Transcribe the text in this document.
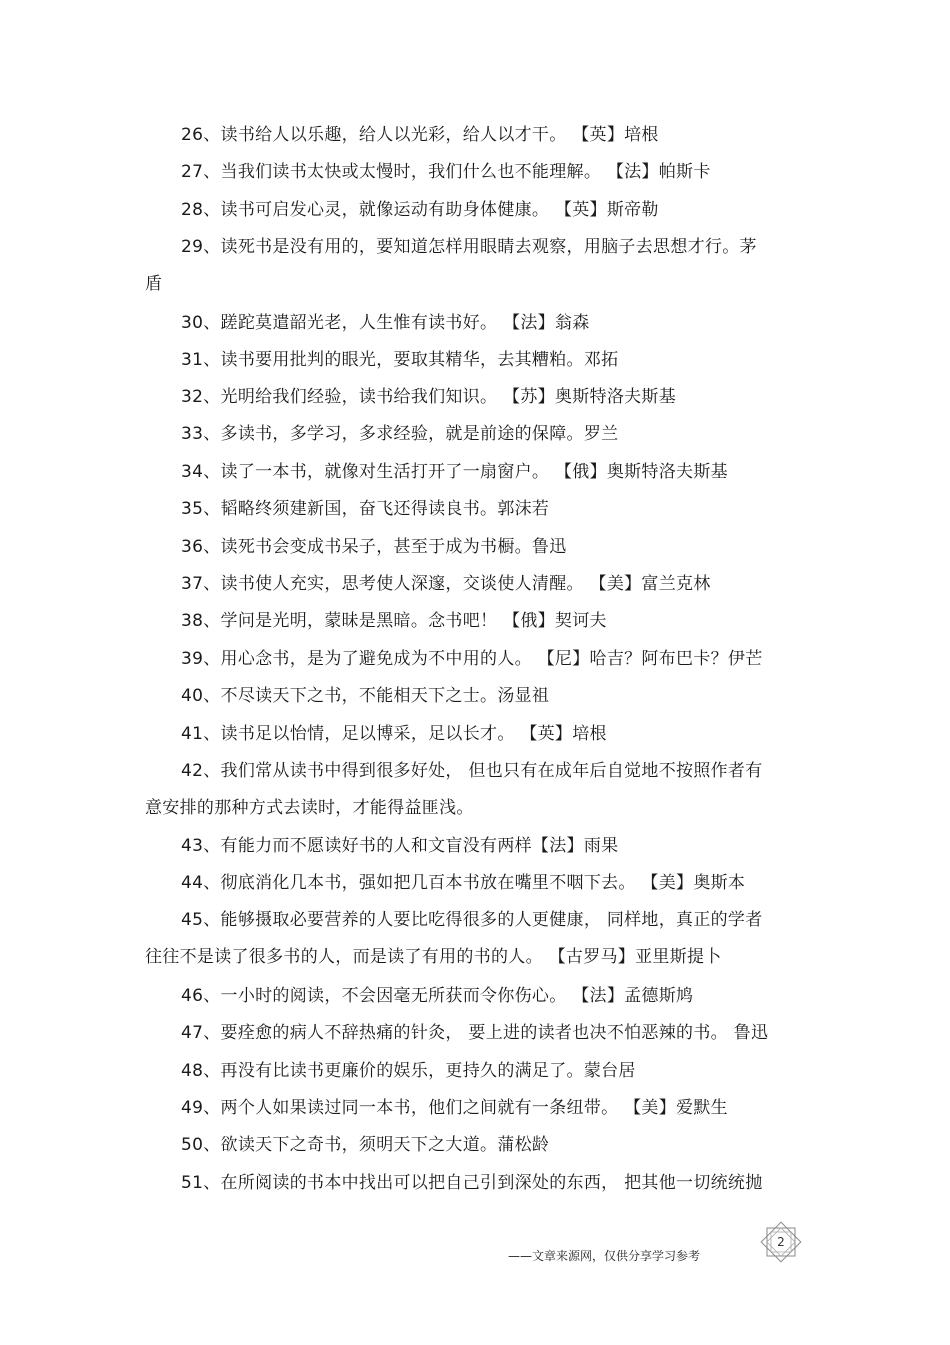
26、读书给人以乐趣，给人以光彩，给人以才干。 【英】培根
27、当我们读书太快或太慢时，我们什么也不能理解。 【法】帕斯卡
28、读书可启发心灵，就像运动有助身体健康。 【英】斯帝勒
29、读死书是没有用的，要知道怎样用眼睛去观察，用脑子去思想才行。茅
盾
30、蹉跎莫遣韶光老，人生惟有读书好。 【法】翁森
31、读书要用批判的眼光，要取其精华，去其糟粕。邓拓
32、光明给我们经验，读书给我们知识。 【苏】奥斯特洛夫斯基
33、多读书，多学习，多求经验，就是前途的保障。罗兰
34、读了一本书，就像对生活打开了一扇窗户。 【俄】奥斯特洛夫斯基
35、韬略终须建新国，奋飞还得读良书。郭沫若
36、读死书会变成书呆子，甚至于成为书橱。鲁迅
37、读书使人充实，思考使人深邃，交谈使人清醒。 【美】富兰克林
38、学问是光明，蒙昧是黑暗。念书吧！ 【俄】契诃夫
39、用心念书，是为了避免成为不中用的人。 【尼】哈吉？阿布巴卡？伊芒
40、不尽读天下之书，不能相天下之士。汤显祖
41、读书足以怡情，足以博采，足以长才。 【英】培根
42、我们常从读书中得到很多好处， 但也只有在成年后自觉地不按照作者有
意安排的那种方式去读时，才能得益匪浅。
43、有能力而不愿读好书的人和文盲没有两样【法】雨果
44、彻底消化几本书，强如把几百本书放在嘴里不咽下去。 【美】奥斯本
45、能够摄取必要营养的人要比吃得很多的人更健康， 同样地，真正的学者
往往不是读了很多书的人，而是读了有用的书的人。 【古罗马】亚里斯提卜
46、一小时的阅读，不会因毫无所获而令你伤心。 【法】孟德斯鸠
47、要痊愈的病人不辞热痛的针灸， 要上进的读者也决不怕恶辣的书。 鲁迅
48、再没有比读书更廉价的娱乐，更持久的满足了。蒙台居
49、两个人如果读过同一本书，他们之间就有一条纽带。 【美】爱默生
50、欲读天下之奇书，须明天下之大道。蒲松龄
51、在所阅读的书本中找出可以把自己引到深处的东西， 把其他一切统统抛
——文章来源网，仅供分享学习参考
2
